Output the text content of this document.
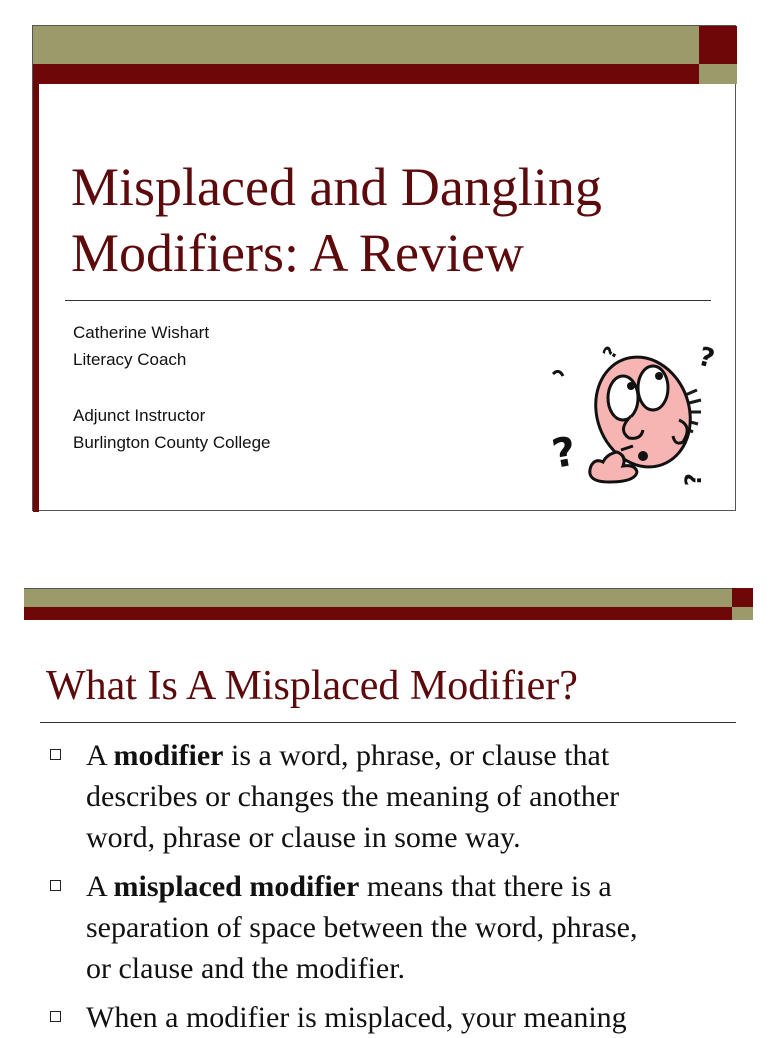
Misplaced and Dangling
Modifiers: A Review
Catherine Wishart
Literacy Coach
Adjunct Instructor
Burlington County College
?
?
?
?
What Is A Misplaced Modifier?
A modifier is a word, phrase, or clause that
describes or changes the meaning of another
word, phrase or clause in some way.
A misplaced modifier means that there is a
separation of space between the word, phrase,
or clause and the modifier.
When a modifier is misplaced, your meaning
